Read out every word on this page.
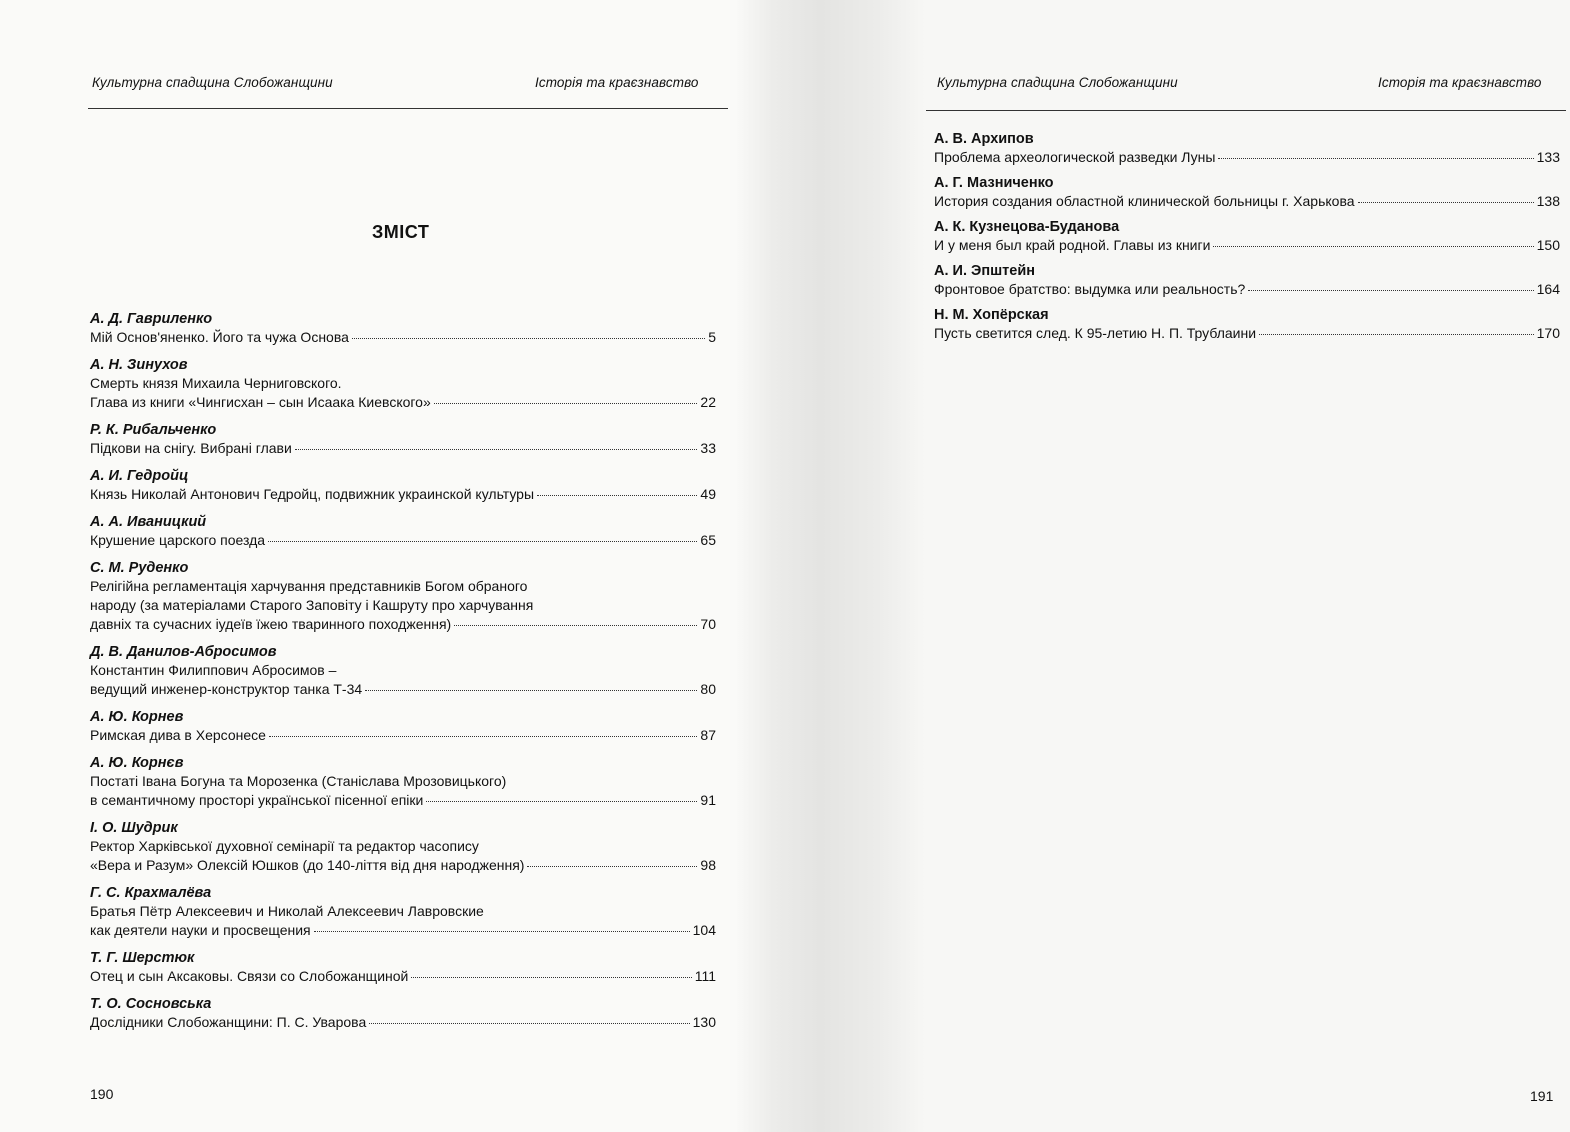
Культурна спадщина Слобожанщини	Історія та краєзнавство
ЗМІСТ
А. Д. Гавриленко
Мій Основ'яненко. Його та чужа Основа	5
А. Н. Зинухов
Смерть князя Михаила Черниговского.
Глава из книги «Чингисхан – сын Исаака Киевского»	22
Р. К. Рибальченко
Підкови на снігу. Вибрані глави	33
А. И. Гедройц
Князь Николай Антонович Гедройц, подвижник украинской культуры	49
А. А. Иваницкий
Крушение царского поезда	65
С. М. Руденко
Релігійна регламентація харчування представників Богом обраного
народу (за матеріалами Старого Заповіту і Кашруту про харчування
давніх та сучасних іудеїв їжею тваринного походження)	70
Д. В. Данилов-Абросимов
Константин Филиппович Абросимов –
ведущий инженер-конструктор танка Т-34	80
А. Ю. Корнев
Римская дива в Херсонесе	87
А. Ю. Корнєв
Постаті Івана Богуна та Морозенка (Станіслава Мрозовицького)
в семантичному просторі української пісенної епіки	91
І. О. Шудрик
Ректор Харківської духовної семінарії та редактор часопису
«Вера и Разум» Олексій Юшков (до 140-ліття від дня народження)	98
Г. С. Крахмалёва
Братья Пётр Алексеевич и Николай Алексеевич Лавровские
как деятели науки и просвещения	104
Т. Г. Шерстюк
Отец и сын Аксаковы. Связи со Слобожанщиной	111
Т. О. Сосновська
Дослідники Слобожанщини: П. С. Уварова	130
190
Культурна спадщина Слобожанщини	Історія та краєзнавство
А. В. Архипов
Проблема археологической разведки Луны	133
А. Г. Мазниченко
История создания областной клинической больницы г. Харькова	138
А. К. Кузнецова-Буданова
И у меня был край родной. Главы из книги	150
А. И. Эпштейн
Фронтовое братство: выдумка или реальность?	164
Н. М. Хопёрская
Пусть светится след. К 95-летию Н. П. Трублаини	170
191
